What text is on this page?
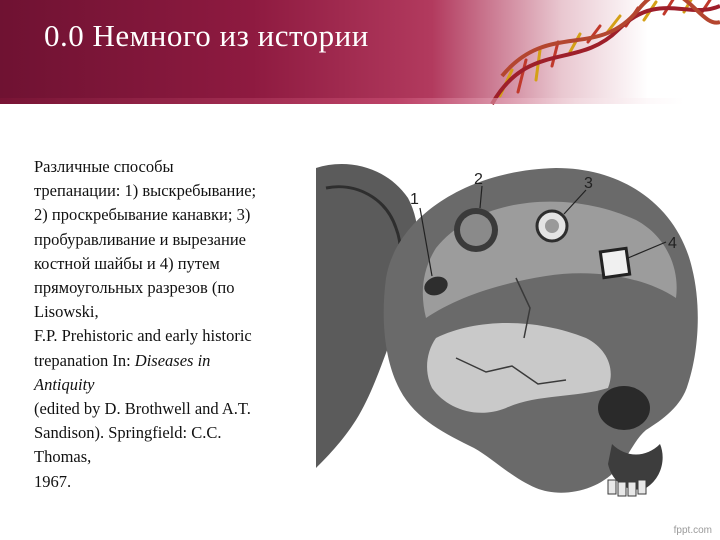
0.0 Немного из истории

Различные способы

трепанации: 1) выскребывание;

2) проскребывание канавки; 3)

пробуравливание и вырезание

костной шайбы и 4) путем

прямоугольных разрезов (по

Lisowski,

F.P. Prehistoric and early historic

trepanation In: Diseases in

Antiquity

(edited by D. Brothwell and A.T.

Sandison). Springfield: C.C.

Thomas,

1967.

1
2	3
4
fppt.com
